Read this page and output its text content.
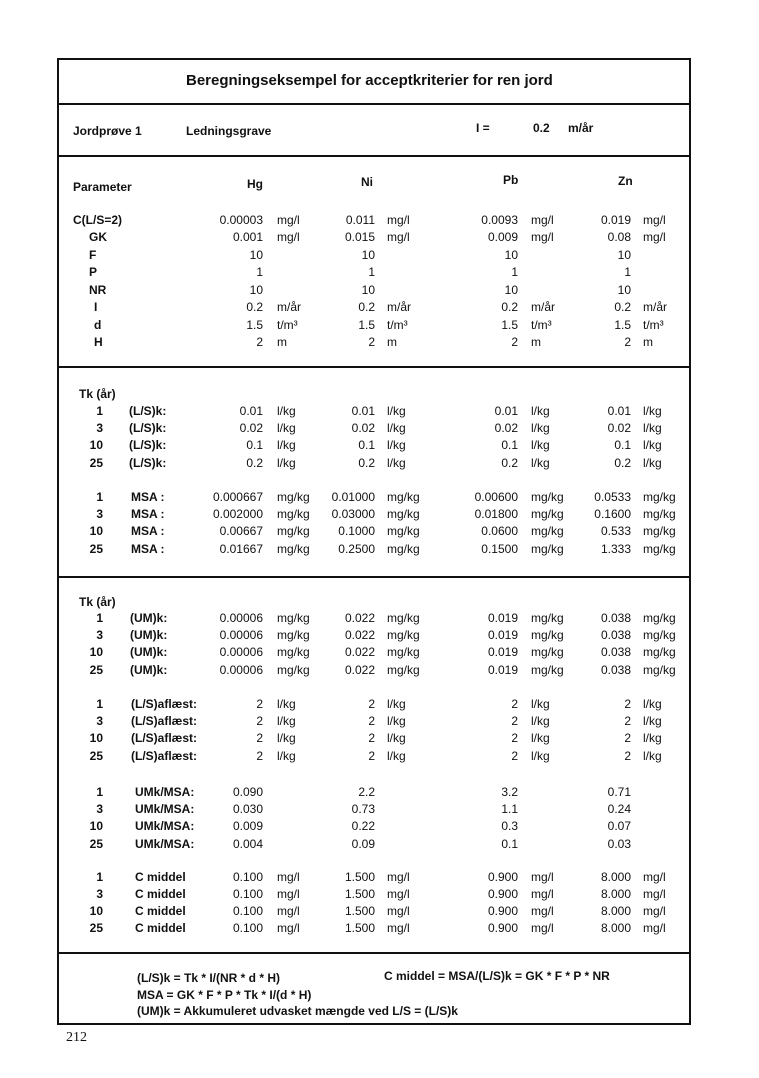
Beregningseksempel for acceptkriterier for ren jord
Jordprøve 1	Ledningsgrave	I =	0.2 m/år
Parameter	Hg	Ni	Pb	Zn
Tk (år)
Tk (år)
C(L/S=2)	0.00003 mg/l	0.011 mg/l	0.0093 mg/l	0.019 mg/l
GK	0.001 mg/l	0.015 mg/l	0.009 mg/l	0.08 mg/l
F	10	10	10	10
P	1	1	1	1
NR	10	10	10	10
I	0.2 m/år	0.2 m/år	0.2 m/år	0.2 m/år
d	1.5 t/m³	1.5 t/m³	1.5 t/m³	1.5 t/m³
H	2 m	2 m	2 m	2 m
1 (L/S)k:	0.01 l/kg	0.01 l/kg	0.01 l/kg	0.01 l/kg
3 (L/S)k:	0.02 l/kg	0.02 l/kg	0.02 l/kg	0.02 l/kg
10 (L/S)k:	0.1 l/kg	0.1 l/kg	0.1 l/kg	0.1 l/kg
25 (L/S)k:	0.2 l/kg	0.2 l/kg	0.2 l/kg	0.2 l/kg
1 MSA :	0.000667 mg/kg 0.01000 mg/kg	0.00600 mg/kg	0.0533 mg/kg
3 MSA :	0.002000 mg/kg 0.03000 mg/kg	0.01800 mg/kg	0.1600 mg/kg
10 MSA :	0.00667 mg/kg 0.1000 mg/kg	0.0600 mg/kg	0.533 mg/kg
25 MSA :	0.01667 mg/kg 0.2500 mg/kg	0.1500 mg/kg	1.333 mg/kg
1 (UM)k:	0.00006 mg/kg	0.022 mg/kg	0.019 mg/kg	0.038 mg/kg
3 (UM)k:	0.00006 mg/kg	0.022 mg/kg	0.019 mg/kg	0.038 mg/kg
10 (UM)k:	0.00006 mg/kg	0.022 mg/kg	0.019 mg/kg	0.038 mg/kg
25 (UM)k:	0.00006 mg/kg	0.022 mg/kg	0.019 mg/kg	0.038 mg/kg
1 (L/S)aflæst:	2 l/kg	2 l/kg	2 l/kg	2 l/kg
3 (L/S)aflæst:	2 l/kg	2 l/kg	2 l/kg	2 l/kg
10 (L/S)aflæst:	2 l/kg	2 l/kg	2 l/kg	2 l/kg
25 (L/S)aflæst:	2 l/kg	2 l/kg	2 l/kg	2 l/kg
1	UMk/MSA:	0.090	2.2	3.2	0.71
3	UMk/MSA:	0.030	0.73	1.1	0.24
10	UMk/MSA:	0.009	0.22	0.3	0.07
25	UMk/MSA:	0.004	0.09	0.1	0.03
1	C middel	0.100 mg/l	1.500 mg/l	0.900 mg/l	8.000 mg/l
3	C middel	0.100 mg/l	1.500 mg/l	0.900 mg/l	8.000 mg/l
10	C middel	0.100 mg/l	1.500 mg/l	0.900 mg/l	8.000 mg/l
25	C middel	0.100 mg/l	1.500 mg/l	0.900 mg/l	8.000 mg/l
(L/S)k = Tk * I/(NR * d * H)	C middel = MSA/(L/S)k = GK * F * P * NR
MSA = GK * F * P * Tk * I/(d * H)
(UM)k = Akkumuleret udvasket mængde ved L/S = (L/S)k
212
